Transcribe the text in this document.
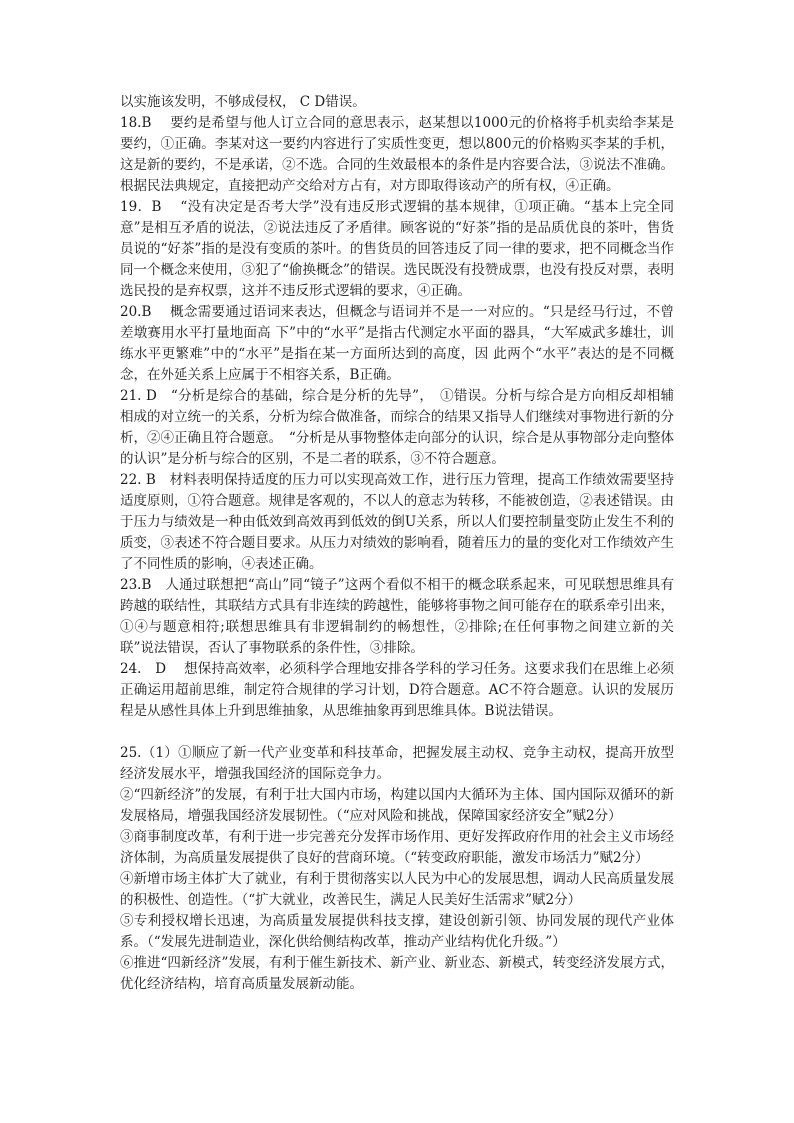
以实施该发明，不够成侵权， C D错误。

18.B　 要约是希望与他人订立合同的意思表示，赵某想以1000元的价格将手机卖给李某是要约，①正确。李某对这一要约内容进行了实质性变更，想以800元的价格购买李某的手机，这是新的要约，不是承诺，②不选。合同的生效最根本的条件是内容要合法，③说法不准确。根据民法典规定，直接把动产交给对方占有，对方即取得该动产的所有权，④正确。

19．B　 “没有决定是否考大学”没有违反形式逻辑的基本规律，①项正确。“基本上完全同意”是相互矛盾的说法，②说法违反了矛盾律。顾客说的“好茶”指的是品质优良的茶叶，售货员说的“好茶”指的是没有变质的茶叶。的售货员的回答违反了同一律的要求，把不同概念当作同一个概念来使用，③犯了“偷换概念”的错误。选民既没有投赞成票，也没有投反对票，表明选民投的是弃权票，这并不违反形式逻辑的要求，④正确。

20.B　 概念需要通过语词来表达，但概念与语词并不是一一对应的。“只是经马行过，不曾差墩赛用水平打量地面高 下”中的“水平”是指古代测定水平面的器具，“大军威武多雄壮，训练水平更繁难”中的“水平”是指在某一方面所达到的高度，因 此两个“水平”表达的是不同概念，在外延关系上应属于不相容关系，B正确。

21. D　“分析是综合的基础，综合是分析的先导”，　①错误。分析与综合是方向相反却相辅相成的对立统一的关系，分析为综合做准备，而综合的结果又指导人们继续对事物进行新的分析，②④正确且符合题意。　“分析是从事物整体走向部分的认识，综合是从事物部分走向整体的认识”是分析与综合的区别，不是二者的联系，③不符合题意。

22. B　材料表明保持适度的压力可以实现高效工作，进行压力管理，提高工作绩效需要坚持适度原则，①符合题意。规律是客观的，不以人的意志为转移，不能被创造，②表述错误。由于压力与绩效是一种由低效到高效再到低效的倒U关系，所以人们要控制量变防止发生不利的质变，③表述不符合题目要求。从压力对绩效的影响看，随着压力的量的变化对工作绩效产生了不同性质的影响，④表述正确。

23.B　人通过联想把“高山”同“镜子”这两个看似不相干的概念联系起来，可见联想思维具有跨越的联结性，其联结方式具有非连续的跨越性，能够将事物之间可能存在的联系牵引出来，①④与题意相符;联想思维具有非逻辑制约的畅想性，②排除;在任何事物之间建立新的关联”说法错误，否认了事物联系的条件性，③排除。

24.　D　 想保持高效率，必须科学合理地安排各学科的学习任务。这要求我们在思维上必须正确运用超前思维，制定符合规律的学习计划，D符合题意。AC不符合题意。认识的发展历程是从感性具体上升到思维抽象，从思维抽象再到思维具体。B说法错误。

25.（1）①顺应了新一代产业变革和科技革命，把握发展主动权、竞争主动权，提高开放型经济发展水平，增强我国经济的国际竞争力。

②“四新经济”的发展，有利于壮大国内市场，构建以国内大循环为主体、国内国际双循环的新发展格局，增强我国经济发展韧性。（“应对风险和挑战，保障国家经济安全”赋2分）

③商事制度改革，有利于进一步完善充分发挥市场作用、更好发挥政府作用的社会主义市场经济体制，为高质量发展提供了良好的营商环境。（“转变政府职能，激发市场活力”赋2分）

④新增市场主体扩大了就业，有利于贯彻落实以人民为中心的发展思想，调动人民高质量发展的积极性、创造性。（“扩大就业，改善民生，满足人民美好生活需求”赋2分）

⑤专利授权增长迅速，为高质量发展提供科技支撑，建设创新引领、协同发展的现代产业体系。（“发展先进制造业，深化供给侧结构改革，推动产业结构优化升级。”）

⑥推进“四新经济”发展，有利于催生新技术、新产业、新业态、新模式，转变经济发展方式，优化经济结构，培育高质量发展新动能。
